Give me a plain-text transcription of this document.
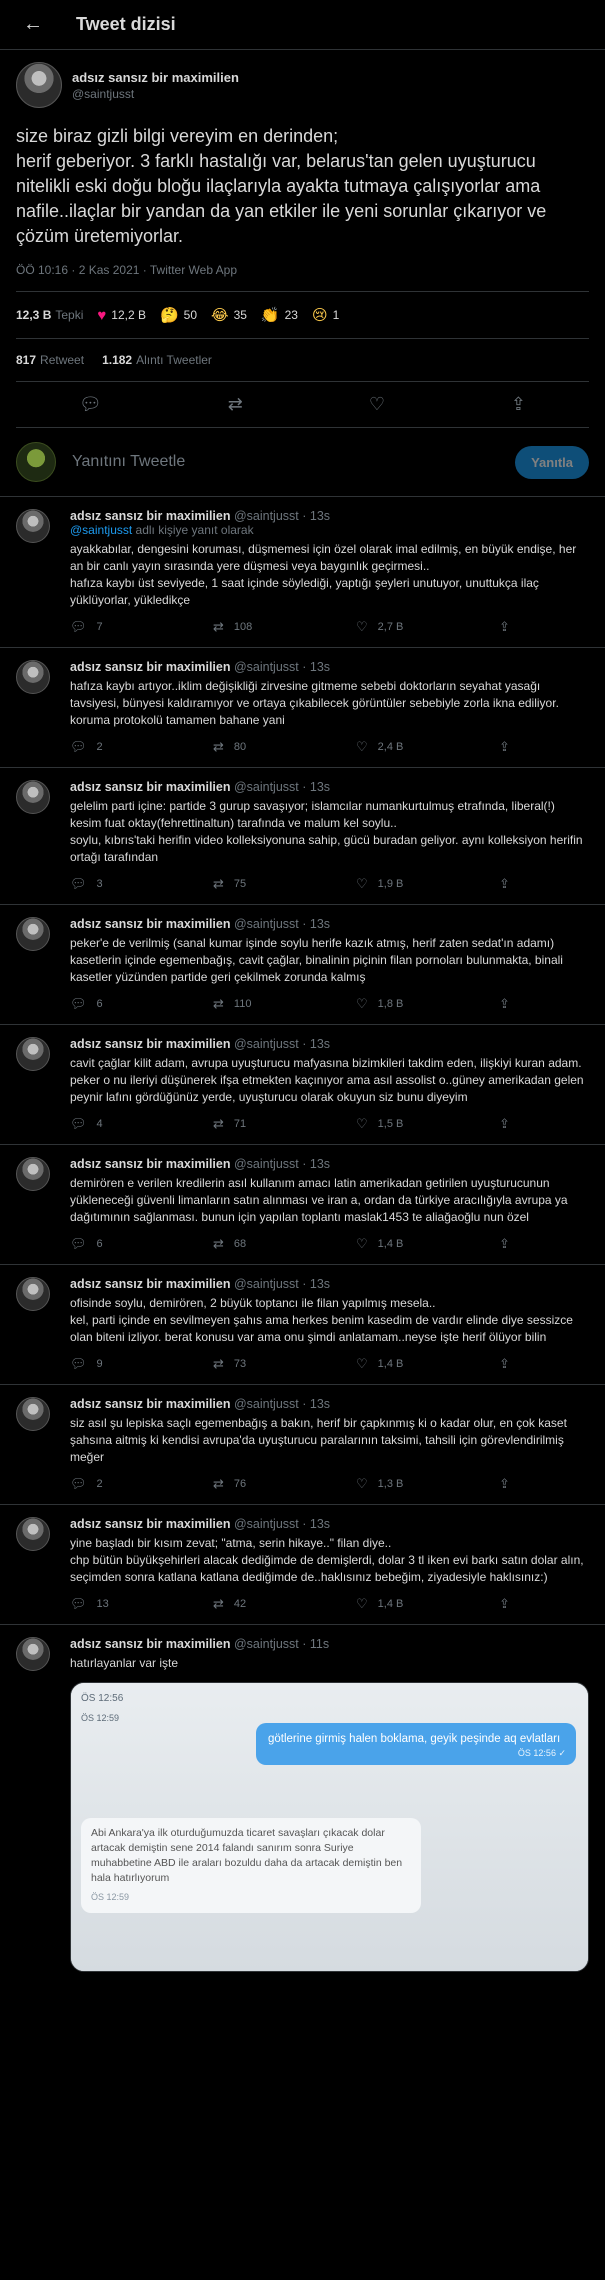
←	Tweet dizisi
adsız sansız bir maximilien
@saintjusst
size biraz gizli bilgi vereyim en derinden;
herif geberiyor. 3 farklı hastalığı var, belarus'tan gelen uyuşturucu nitelikli eski doğu bloğu ilaçlarıyla ayakta tutmaya çalışıyorlar ama nafile..ilaçlar bir yandan da yan etkiler ile yeni sorunlar çıkarıyor ve çözüm üretemiyorlar.
ÖÖ 10:16 · 2 Kas 2021 · Twitter Web App
12,3 B Tepki ♥ 12,2 B 🤔 50 😂 35 👏 23 😢 1
817 Retweet 1.182 Alıntı Tweetler
💬︎	⇄	♡	⇪
Yanıtını Tweetle	Yanıtla
adsız sansız bir maximilien @saintjusst · 13s
@saintjusst adlı kişiye yanıt olarak
ayakkabılar, dengesini koruması, düşmemesi için özel olarak imal edilmiş, en büyük endişe, her an bir canlı yayın sırasında yere düşmesi veya baygınlık geçirmesi..
hafıza kaybı üst seviyede, 1 saat içinde söylediği, yaptığı şeyleri unutuyor, unuttukça ilaç yüklüyorlar, yükledikçe
💬︎ 7	⇄ 108	♡ 2,7 B	⇪
adsız sansız bir maximilien @saintjusst · 13s
hafıza kaybı artıyor..iklim değişikliği zirvesine gitmeme sebebi doktorların seyahat yasağı tavsiyesi, bünyesi kaldıramıyor ve ortaya çıkabilecek görüntüler sebebiyle zorla ikna ediliyor. koruma protokolü tamamen bahane yani
💬︎ 2	⇄ 80	♡ 2,4 B	⇪
adsız sansız bir maximilien @saintjusst · 13s
gelelim parti içine: partide 3 gurup savaşıyor; islamcılar numankurtulmuş etrafında, liberal(!) kesim fuat oktay(fehrettinaltun) tarafında ve malum kel soylu..
soylu, kıbrıs'taki herifin video kolleksiyonuna sahip, gücü buradan geliyor. aynı kolleksiyon herifin ortağı tarafından
💬︎ 3	⇄ 75	♡ 1,9 B	⇪
adsız sansız bir maximilien @saintjusst · 13s
peker'e de verilmiş (sanal kumar işinde soylu herife kazık atmış, herif zaten sedat'ın adamı)
kasetlerin içinde egemenbağış, cavit çağlar, binalinin piçinin filan pornoları bulunmakta, binali kasetler yüzünden partide geri çekilmek zorunda kalmış
💬︎ 6	⇄ 110	♡ 1,8 B	⇪
adsız sansız bir maximilien @saintjusst · 13s
cavit çağlar kilit adam, avrupa uyuşturucu mafyasına bizimkileri takdim eden, ilişkiyi kuran adam. peker o nu ileriyi düşünerek ifşa etmekten kaçınıyor ama asıl assolist o..güney amerikadan gelen peynir lafını gördüğünüz yerde, uyuşturucu olarak okuyun siz bunu diyeyim
💬︎ 4	⇄ 71	♡ 1,5 B	⇪
adsız sansız bir maximilien @saintjusst · 13s
demirören e verilen kredilerin asıl kullanım amacı latin amerikadan getirilen uyuşturucunun yükleneceği güvenli limanların satın alınması ve iran a, ordan da türkiye aracılığıyla avrupa ya dağıtımının sağlanması. bunun için yapılan toplantı maslak1453 te aliağaoğlu nun özel
💬︎ 6	⇄ 68	♡ 1,4 B	⇪
adsız sansız bir maximilien @saintjusst · 13s
ofisinde soylu, demirören, 2 büyük toptancı ile filan yapılmış mesela..
kel, parti içinde en sevilmeyen şahıs ama herkes benim kasedim de vardır elinde diye sessizce olan biteni izliyor. berat konusu var ama onu şimdi anlatamam..neyse işte herif ölüyor bilin
💬︎ 9	⇄ 73	♡ 1,4 B	⇪
adsız sansız bir maximilien @saintjusst · 13s
siz asıl şu lepiska saçlı egemenbağış a bakın, herif bir çapkınmış ki o kadar olur, en çok kaset şahsına aitmiş ki kendisi avrupa'da uyuşturucu paralarının taksimi, tahsili için görevlendirilmiş meğer
💬︎ 2	⇄ 76	♡ 1,3 B	⇪
adsız sansız bir maximilien @saintjusst · 13s
yine başladı bir kısım zevat; "atma, serin hikaye.." filan diye..
chp bütün büyükşehirleri alacak dediğimde de demişlerdi, dolar 3 tl iken evi barkı satın dolar alın, seçimden sonra katlana katlana dediğimde de..haklısınız bebeğim, ziyadesiyle haklısınız:)
💬︎ 13	⇄ 42	♡ 1,4 B	⇪
adsız sansız bir maximilien @saintjusst · 11s
hatırlayanlar var işte
ÖS 12:56
ÖS 12:59
götlerine girmiş halen boklama, geyik peşinde aq evlatları
ÖS 12:56 ✓
Abi Ankara'ya ilk oturduğumuzda ticaret savaşları çıkacak dolar artacak demiştin sene 2014 falandı sanırım sonra Suriye muhabbetine ABD ile araları bozuldu daha da artacak demiştin ben hala hatırlıyorum
ÖS 12:59
